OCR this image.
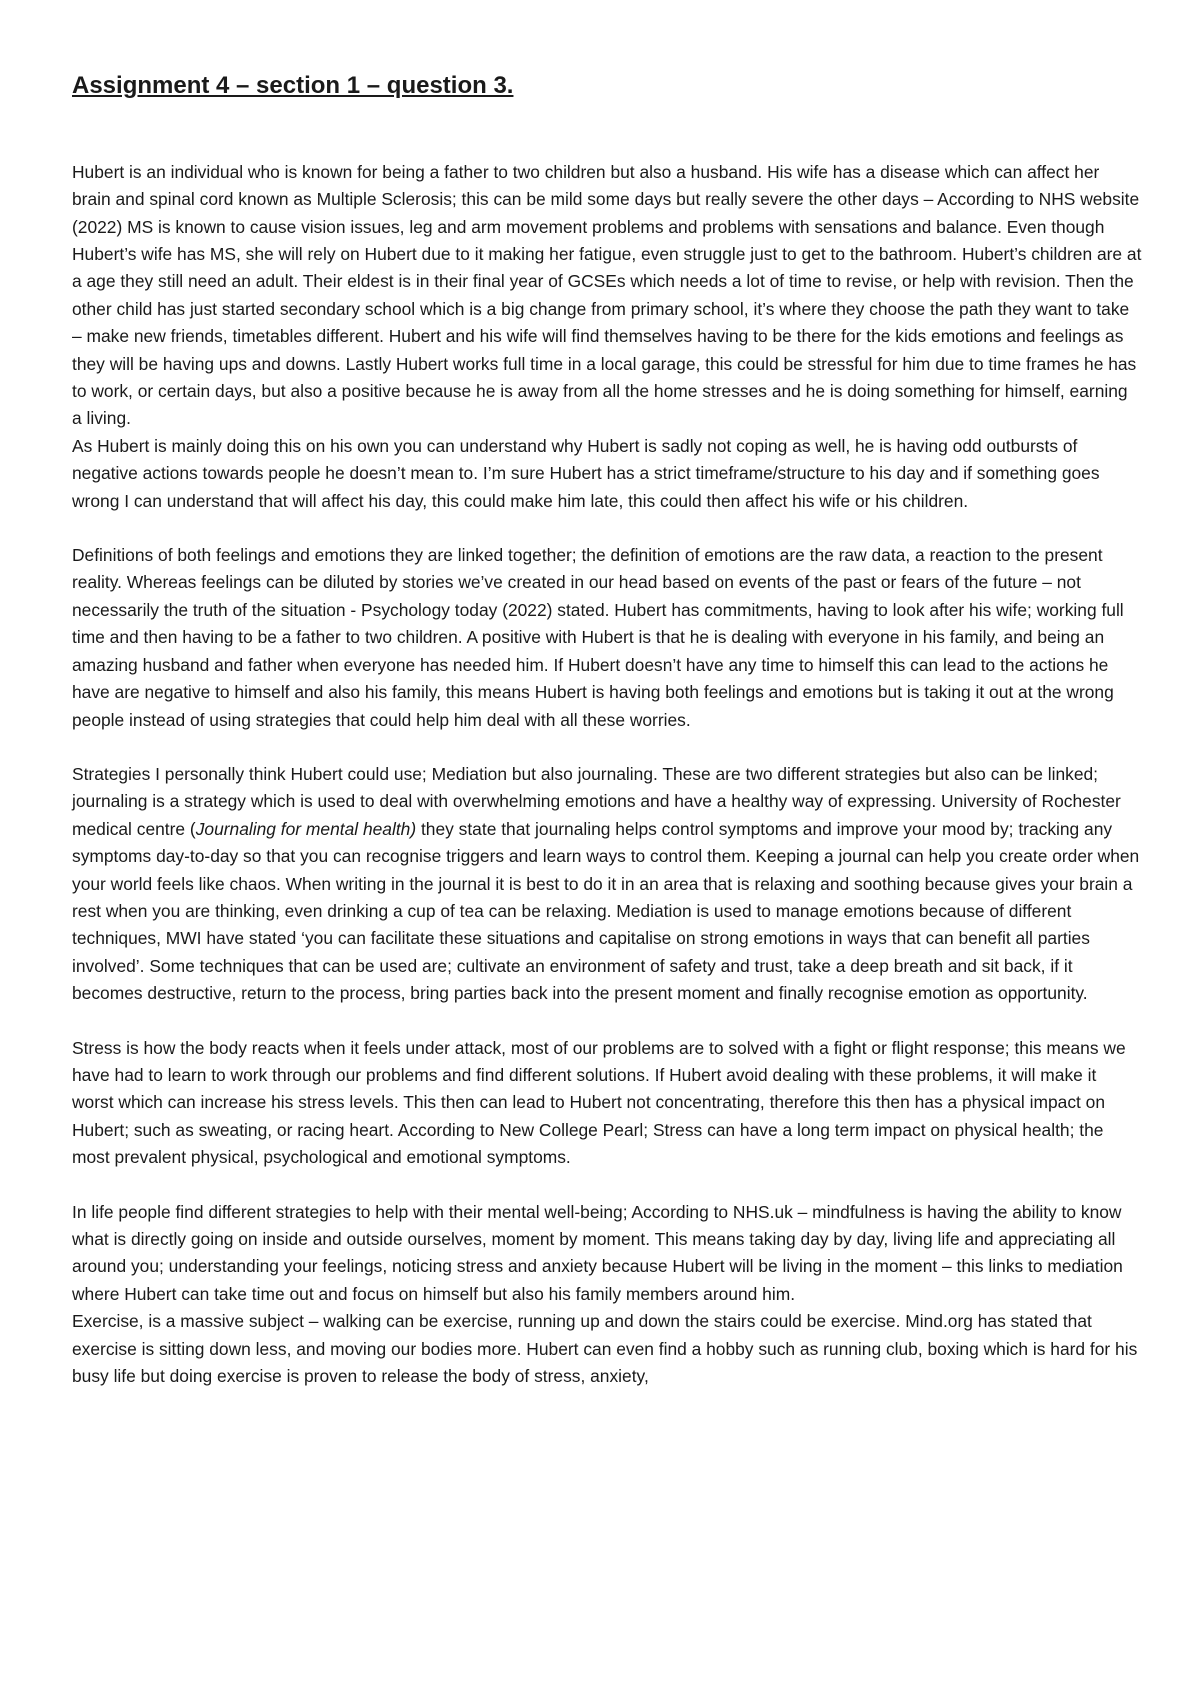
Assignment 4 – section 1 – question 3.

Hubert is an individual who is known for being a father to two children but also a husband. His wife has a disease which can affect her brain and spinal cord known as Multiple Sclerosis; this can be mild some days but really severe the other days – According to NHS website (2022) MS is known to cause vision issues, leg and arm movement problems and problems with sensations and balance. Even though Hubert’s wife has MS, she will rely on Hubert due to it making her fatigue, even struggle just to get to the bathroom. Hubert’s children are at a age they still need an adult. Their eldest is in their final year of GCSEs which needs a lot of time to revise, or help with revision. Then the other child has just started secondary school which is a big change from primary school, it’s where they choose the path they want to take – make new friends, timetables different. Hubert and his wife will find themselves having to be there for the kids emotions and feelings as they will be having ups and downs. Lastly Hubert works full time in a local garage, this could be stressful for him due to time frames he has to work, or certain days, but also a positive because he is away from all the home stresses and he is doing something for himself, earning a living.

As Hubert is mainly doing this on his own you can understand why Hubert is sadly not coping as well, he is having odd outbursts of negative actions towards people he doesn’t mean to. I’m sure Hubert has a strict timeframe/structure to his day and if something goes wrong I can understand that will affect his day, this could make him late, this could then affect his wife or his children.

Definitions of both feelings and emotions they are linked together; the definition of emotions are the raw data, a reaction to the present reality. Whereas feelings can be diluted by stories we’ve created in our head based on events of the past or fears of the future – not necessarily the truth of the situation - Psychology today (2022) stated. Hubert has commitments, having to look after his wife; working full time and then having to be a father to two children. A positive with Hubert is that he is dealing with everyone in his family, and being an amazing husband and father when everyone has needed him. If Hubert doesn’t have any time to himself this can lead to the actions he have are negative to himself and also his family, this means Hubert is having both feelings and emotions but is taking it out at the wrong people instead of using strategies that could help him deal with all these worries.

Strategies I personally think Hubert could use; Mediation but also journaling. These are two different strategies but also can be linked; journaling is a strategy which is used to deal with overwhelming emotions and have a healthy way of expressing. University of Rochester medical centre (Journaling for mental health) they state that journaling helps control symptoms and improve your mood by; tracking any symptoms day-to-day so that you can recognise triggers and learn ways to control them. Keeping a journal can help you create order when your world feels like chaos. When writing in the journal it is best to do it in an area that is relaxing and soothing because gives your brain a rest when you are thinking, even drinking a cup of tea can be relaxing. Mediation is used to manage emotions because of different techniques, MWI have stated ‘you can facilitate these situations and capitalise on strong emotions in ways that can benefit all parties involved’. Some techniques that can be used are; cultivate an environment of safety and trust, take a deep breath and sit back, if it becomes destructive, return to the process, bring parties back into the present moment and finally recognise emotion as opportunity.

Stress is how the body reacts when it feels under attack, most of our problems are to solved with a fight or flight response; this means we have had to learn to work through our problems and find different solutions. If Hubert avoid dealing with these problems, it will make it worst which can increase his stress levels. This then can lead to Hubert not concentrating, therefore this then has a physical impact on Hubert; such as sweating, or racing heart. According to New College Pearl; Stress can have a long term impact on physical health; the most prevalent physical, psychological and emotional symptoms.

In life people find different strategies to help with their mental well-being; According to NHS.uk – mindfulness is having the ability to know what is directly going on inside and outside ourselves, moment by moment. This means taking day by day, living life and appreciating all around you; understanding your feelings, noticing stress and anxiety because Hubert will be living in the moment – this links to mediation where Hubert can take time out and focus on himself but also his family members around him.

Exercise, is a massive subject – walking can be exercise, running up and down the stairs could be exercise. Mind.org has stated that exercise is sitting down less, and moving our bodies more. Hubert can even find a hobby such as running club, boxing which is hard for his busy life but doing exercise is proven to release the body of stress, anxiety,
